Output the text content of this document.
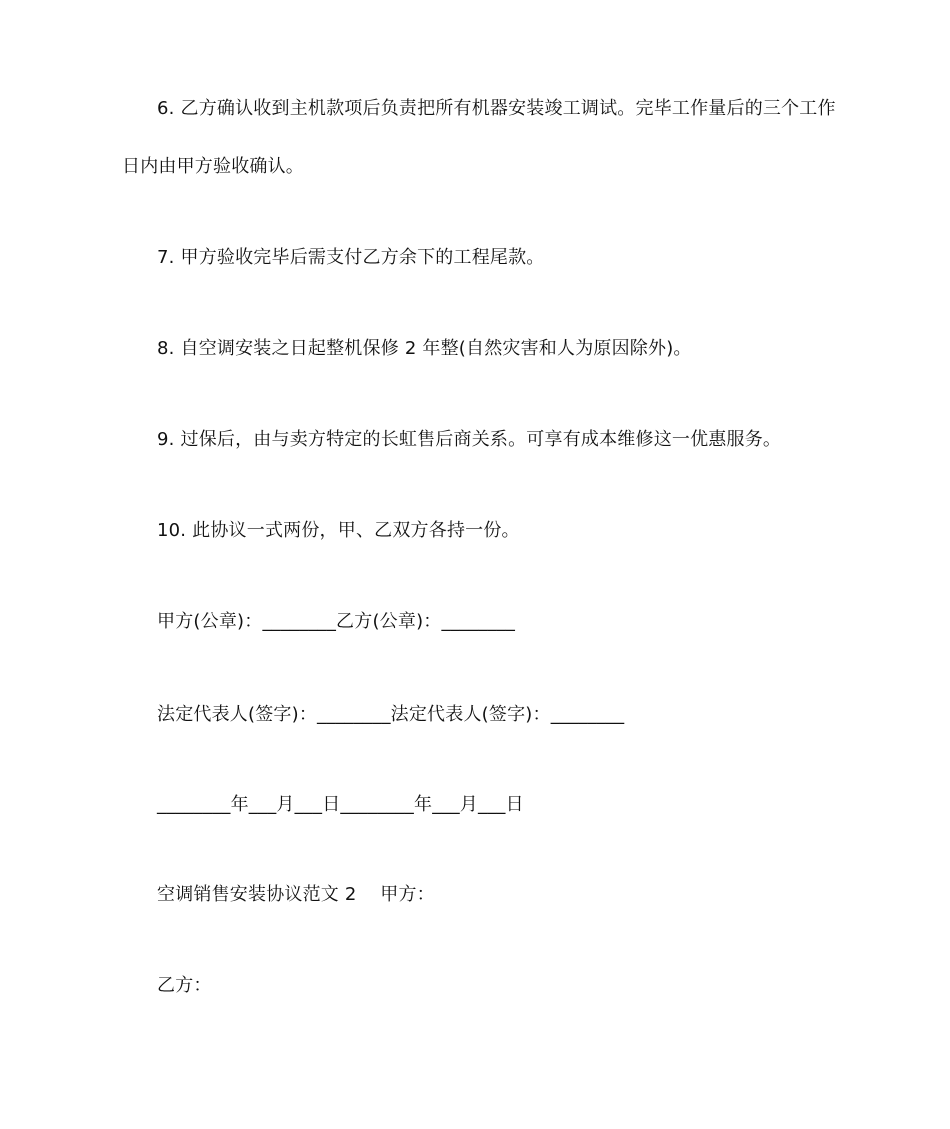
6. 乙方确认收到主机款项后负责把所有机器安装竣工调试。完毕工作量后的三个工作
日内由甲方验收确认。
7. 甲方验收完毕后需支付乙方余下的工程尾款。
8. 自空调安装之日起整机保修 2 年整(自然灾害和人为原因除外)。
9. 过保后，由与卖方特定的长虹售后商关系。可享有成本维修这一优惠服务。
10. 此协议一式两份，甲、乙双方各持一份。
甲方(公章)：________乙方(公章)：________
法定代表人(签字)：________法定代表人(签字)：________
________年___月___日________年___月___日
空调销售安装协议范文 2    甲方：
乙方：
